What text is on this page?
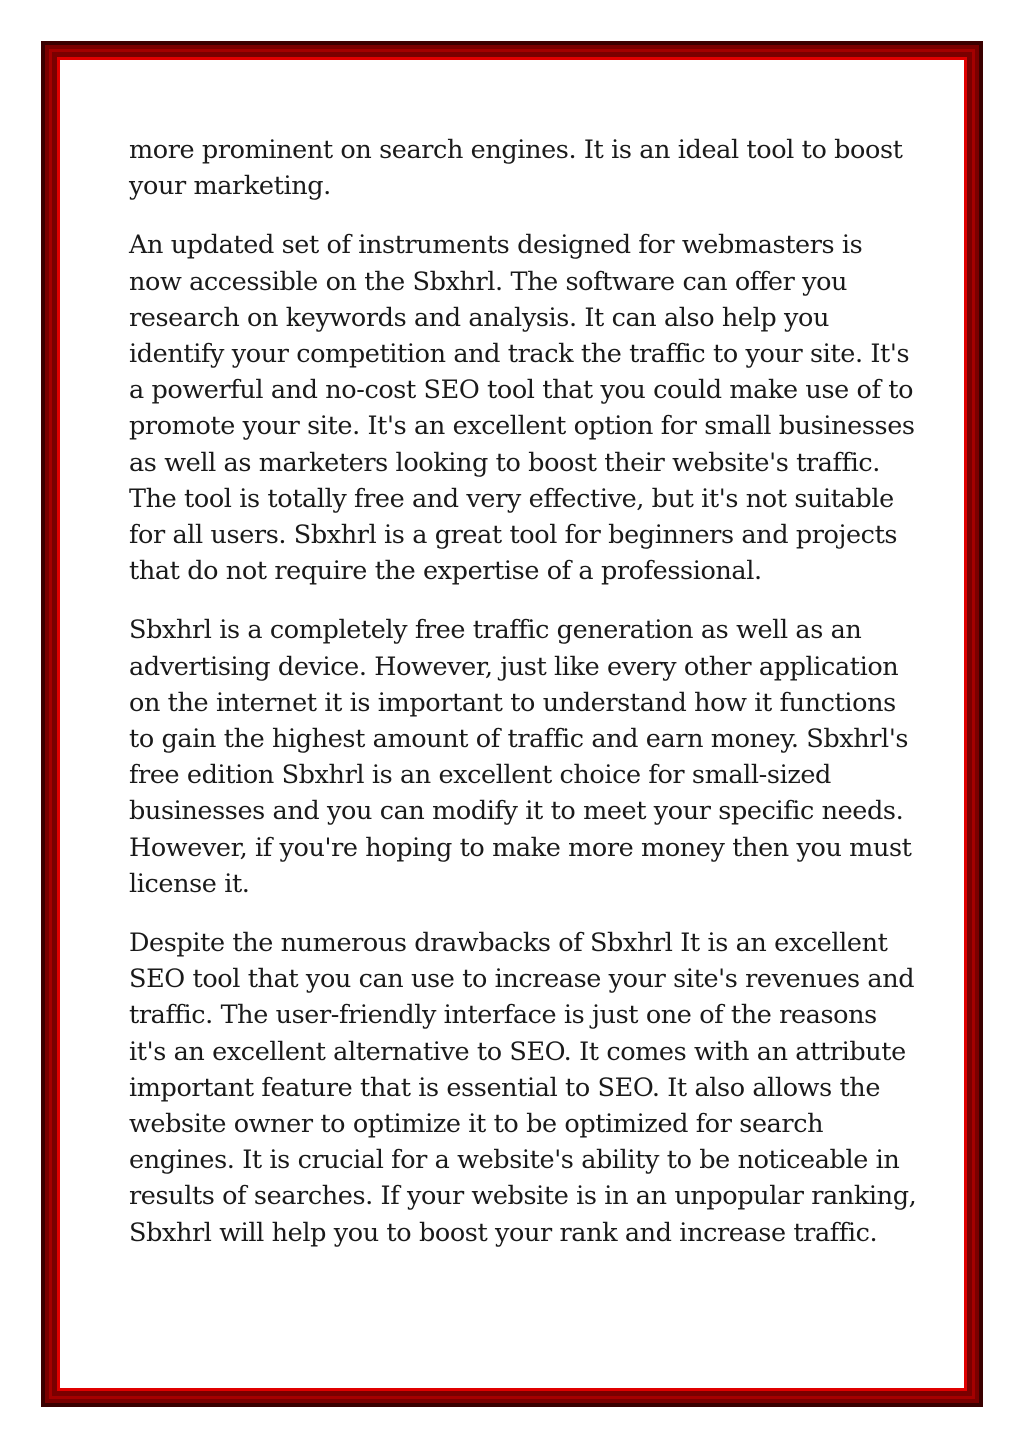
more prominent on search engines. It is an ideal tool to boost your marketing.

An updated set of instruments designed for webmasters is now accessible on the Sbxhrl. The software can offer you research on keywords and analysis. It can also help you identify your competition and track the traffic to your site. It's a powerful and no-cost SEO tool that you could make use of to promote your site. It's an excellent option for small businesses as well as marketers looking to boost their website's traffic. The tool is totally free and very effective, but it's not suitable for all users. Sbxhrl is a great tool for beginners and projects that do not require the expertise of a professional.

Sbxhrl is a completely free traffic generation as well as an advertising device. However, just like every other application on the internet it is important to understand how it functions to gain the highest amount of traffic and earn money. Sbxhrl's free edition Sbxhrl is an excellent choice for small-sized businesses and you can modify it to meet your specific needs. However, if you're hoping to make more money then you must license it.

Despite the numerous drawbacks of Sbxhrl It is an excellent SEO tool that you can use to increase your site's revenues and traffic. The user-friendly interface is just one of the reasons it's an excellent alternative to SEO. It comes with an attribute important feature that is essential to SEO. It also allows the website owner to optimize it to be optimized for search engines. It is crucial for a website's ability to be noticeable in results of searches. If your website is in an unpopular ranking, Sbxhrl will help you to boost your rank and increase traffic.
